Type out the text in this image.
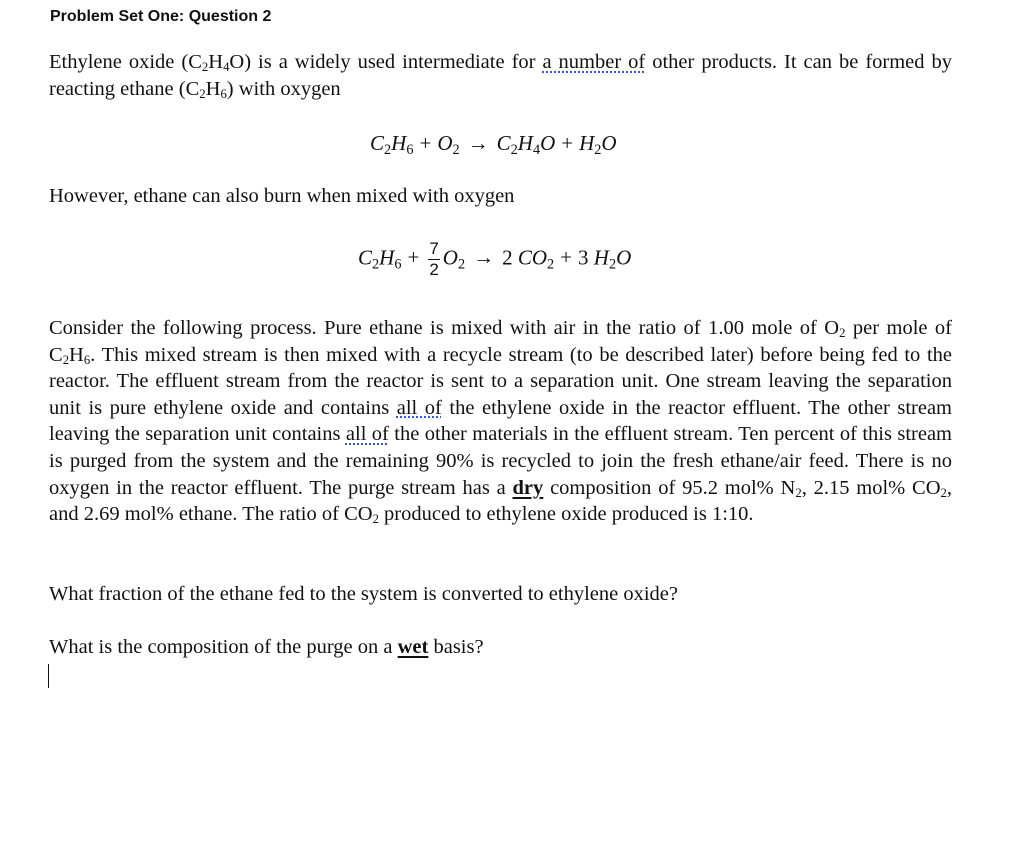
Problem Set One: Question 2
Ethylene oxide $(C_2H_4O)$ is a widely used intermediate for a number of other products. It can be formed by reacting ethane $(C_2H_6)$ with oxygen
$C_2H_6 + O_2 \to C_2H_4O + H_2O$
However, ethane can also burn when mixed with oxygen
$C_2H_6 + \frac{7}{2} O_2 \to 2$ $CO_2 + 3$ $H_2O$
Consider the following process. Pure ethane is mixed with air in the ratio of 1.00 mole of $O_2$ per mole of $C_2H_6$. This mixed stream is then mixed with a recycle stream (to be described later) before being fed to the reactor. The effluent stream from the reactor is sent to a separation unit. One stream leaving the separation unit is pure ethylene oxide and contains all of the ethylene oxide in the reactor effluent. The other stream leaving the separation unit contains all of the other materials in the effluent stream. Ten percent of this stream is purged from the system and the remaining 90% is recycled to join the fresh ethane/air feed. There is no oxygen in the reactor effluent. The purge stream has a dry composition of 95.2 mol% $N_2$, 2.15 mol% $CO_2$, and 2.69 mol% ethane. The ratio of $CO_2$ produced to ethylene oxide produced is 1:10.
What fraction of the ethane fed to the system is converted to ethylene oxide?
What is the composition of the purge on a wet basis?
